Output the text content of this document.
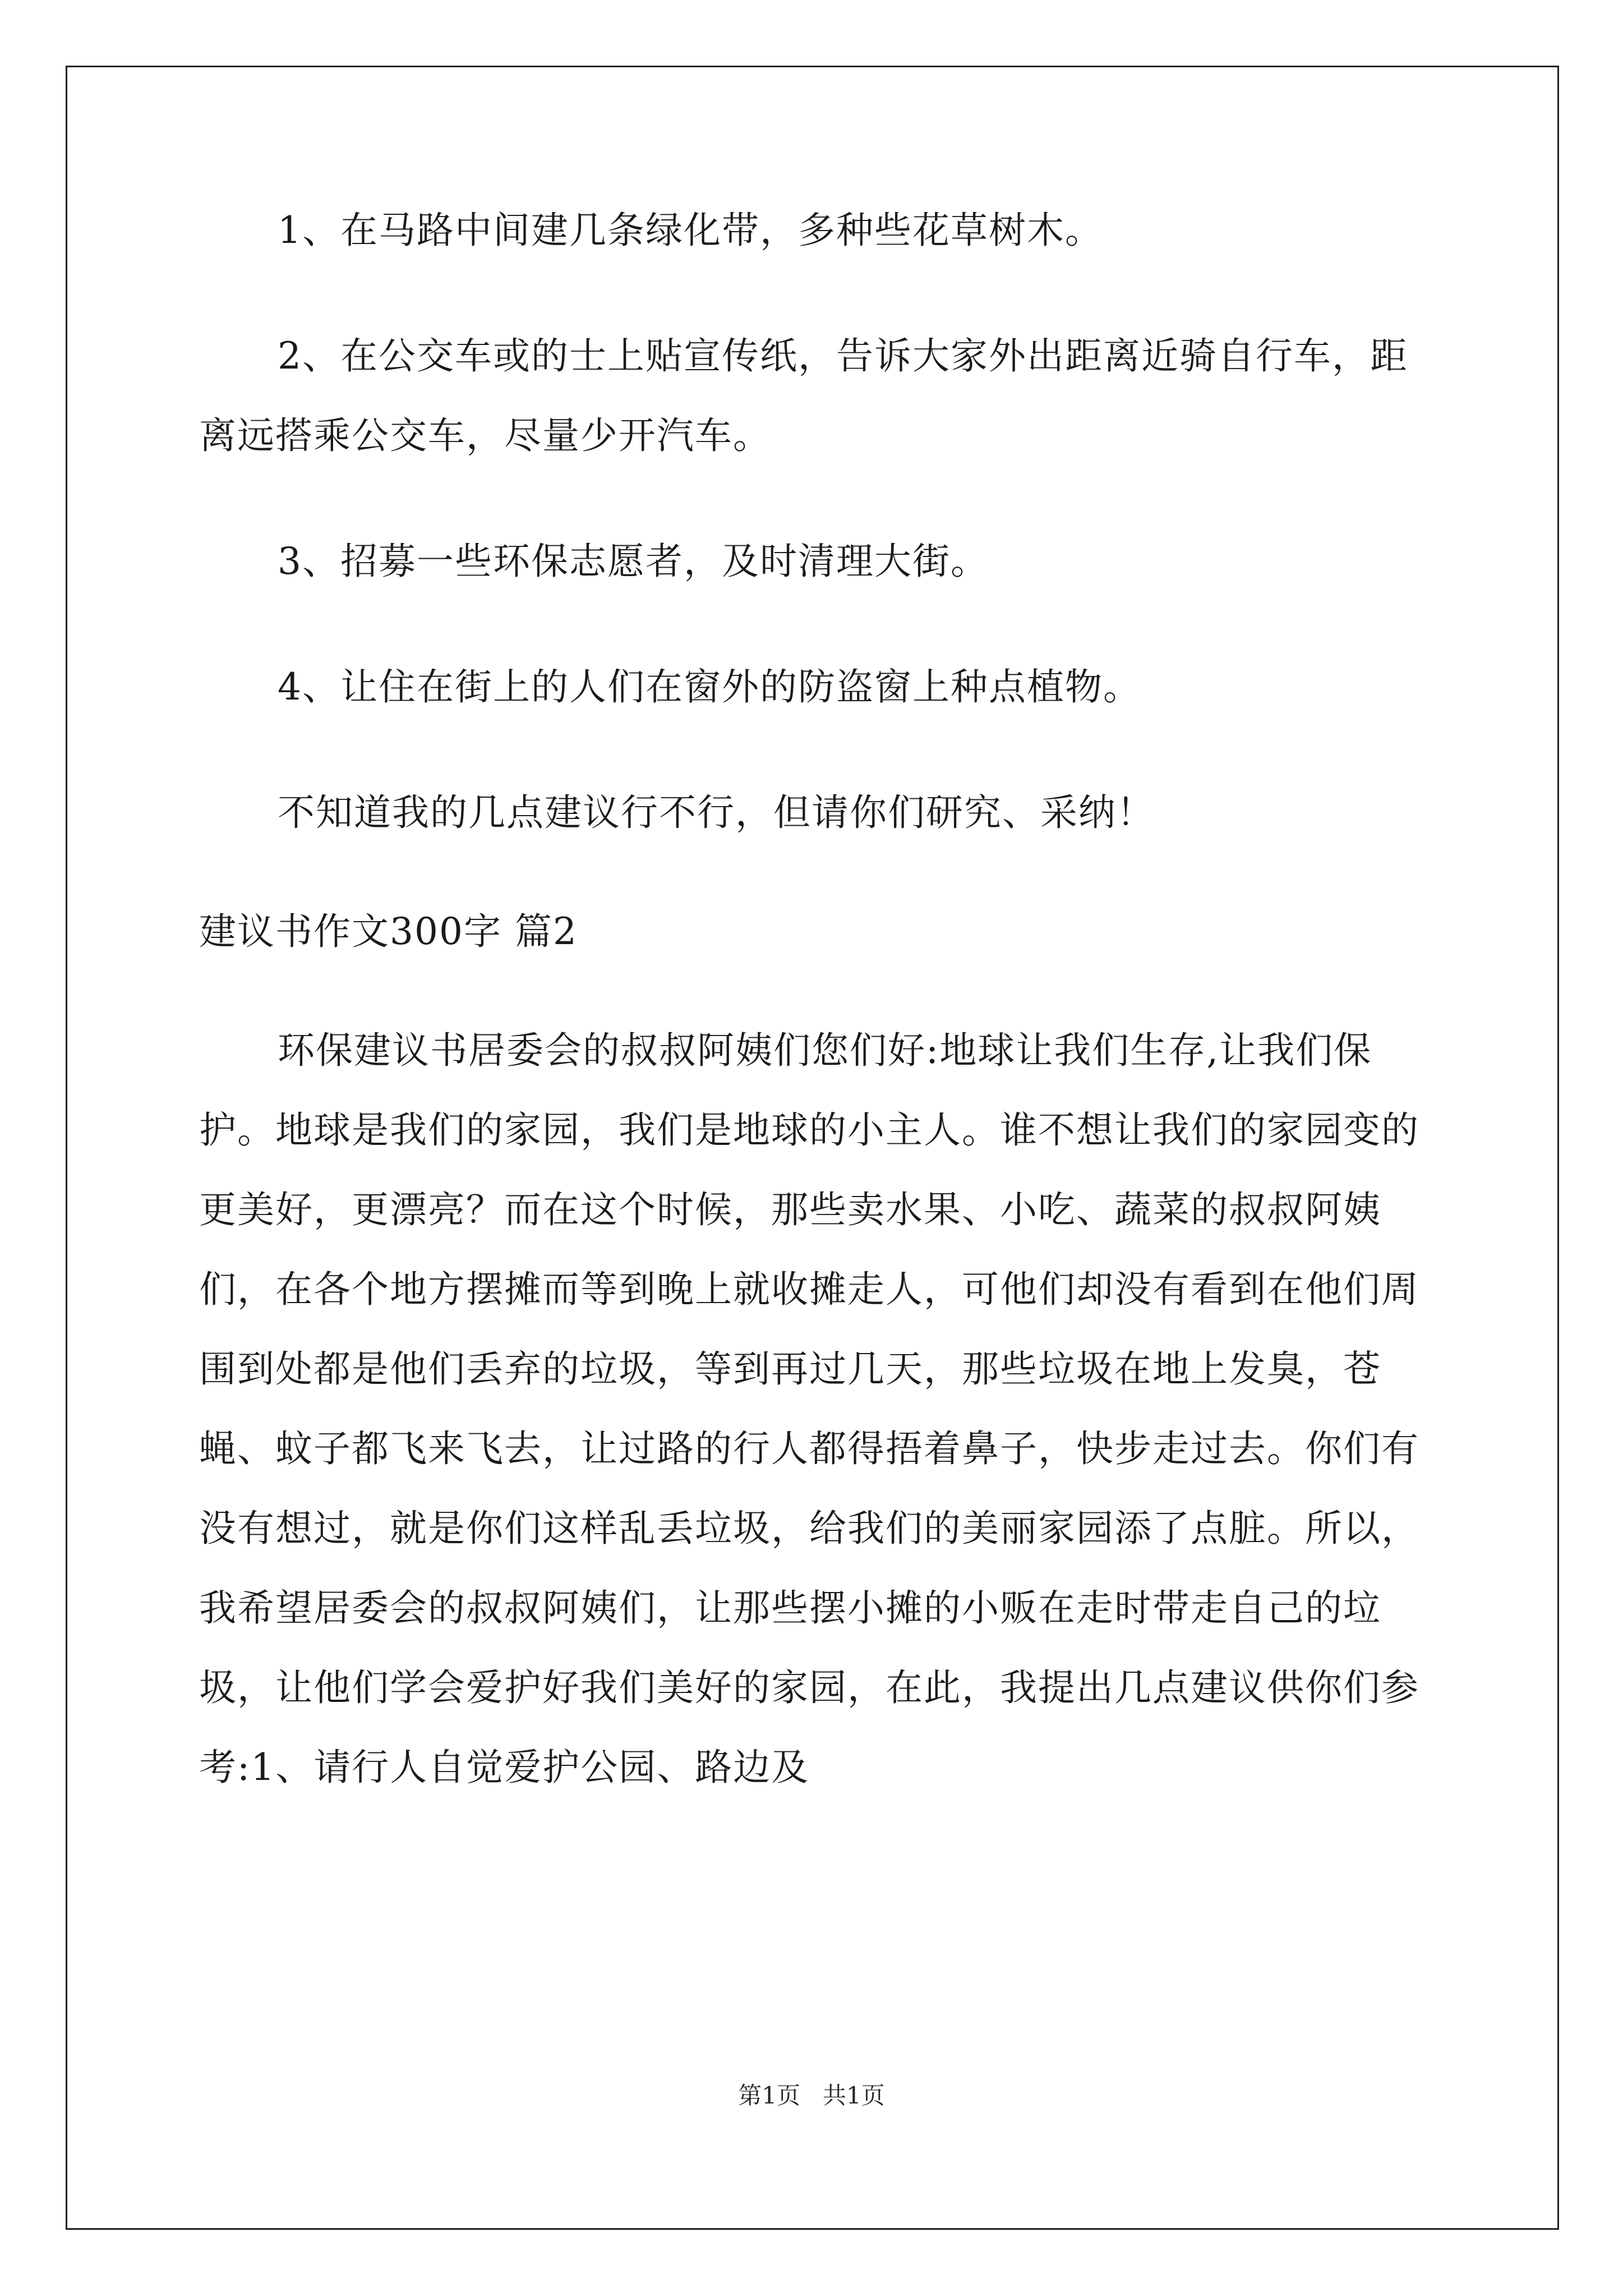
1、在马路中间建几条绿化带，多种些花草树木。

2、在公交车或的士上贴宣传纸，告诉大家外出距离近骑自行车，距离远搭乘公交车，尽量少开汽车。

3、招募一些环保志愿者，及时清理大街。

4、让住在街上的人们在窗外的防盗窗上种点植物。

不知道我的几点建议行不行，但请你们研究、采纳！

建议书作文300字 篇2

环保建议书居委会的叔叔阿姨们您们好:地球让我们生存,让我们保护。地球是我们的家园，我们是地球的小主人。谁不想让我们的家园变的更美好，更漂亮？而在这个时候，那些卖水果、小吃、蔬菜的叔叔阿姨们，在各个地方摆摊而等到晚上就收摊走人，可他们却没有看到在他们周围到处都是他们丢弃的垃圾，等到再过几天，那些垃圾在地上发臭，苍蝇、蚊子都飞来飞去，让过路的行人都得捂着鼻子，快步走过去。你们有没有想过，就是你们这样乱丢垃圾，给我们的美丽家园添了点脏。所以，我希望居委会的叔叔阿姨们，让那些摆小摊的小贩在走时带走自己的垃圾，让他们学会爱护好我们美好的家园，在此，我提出几点建议供你们参考:1、请行人自觉爱护公园、路边及

第1页 共1页
